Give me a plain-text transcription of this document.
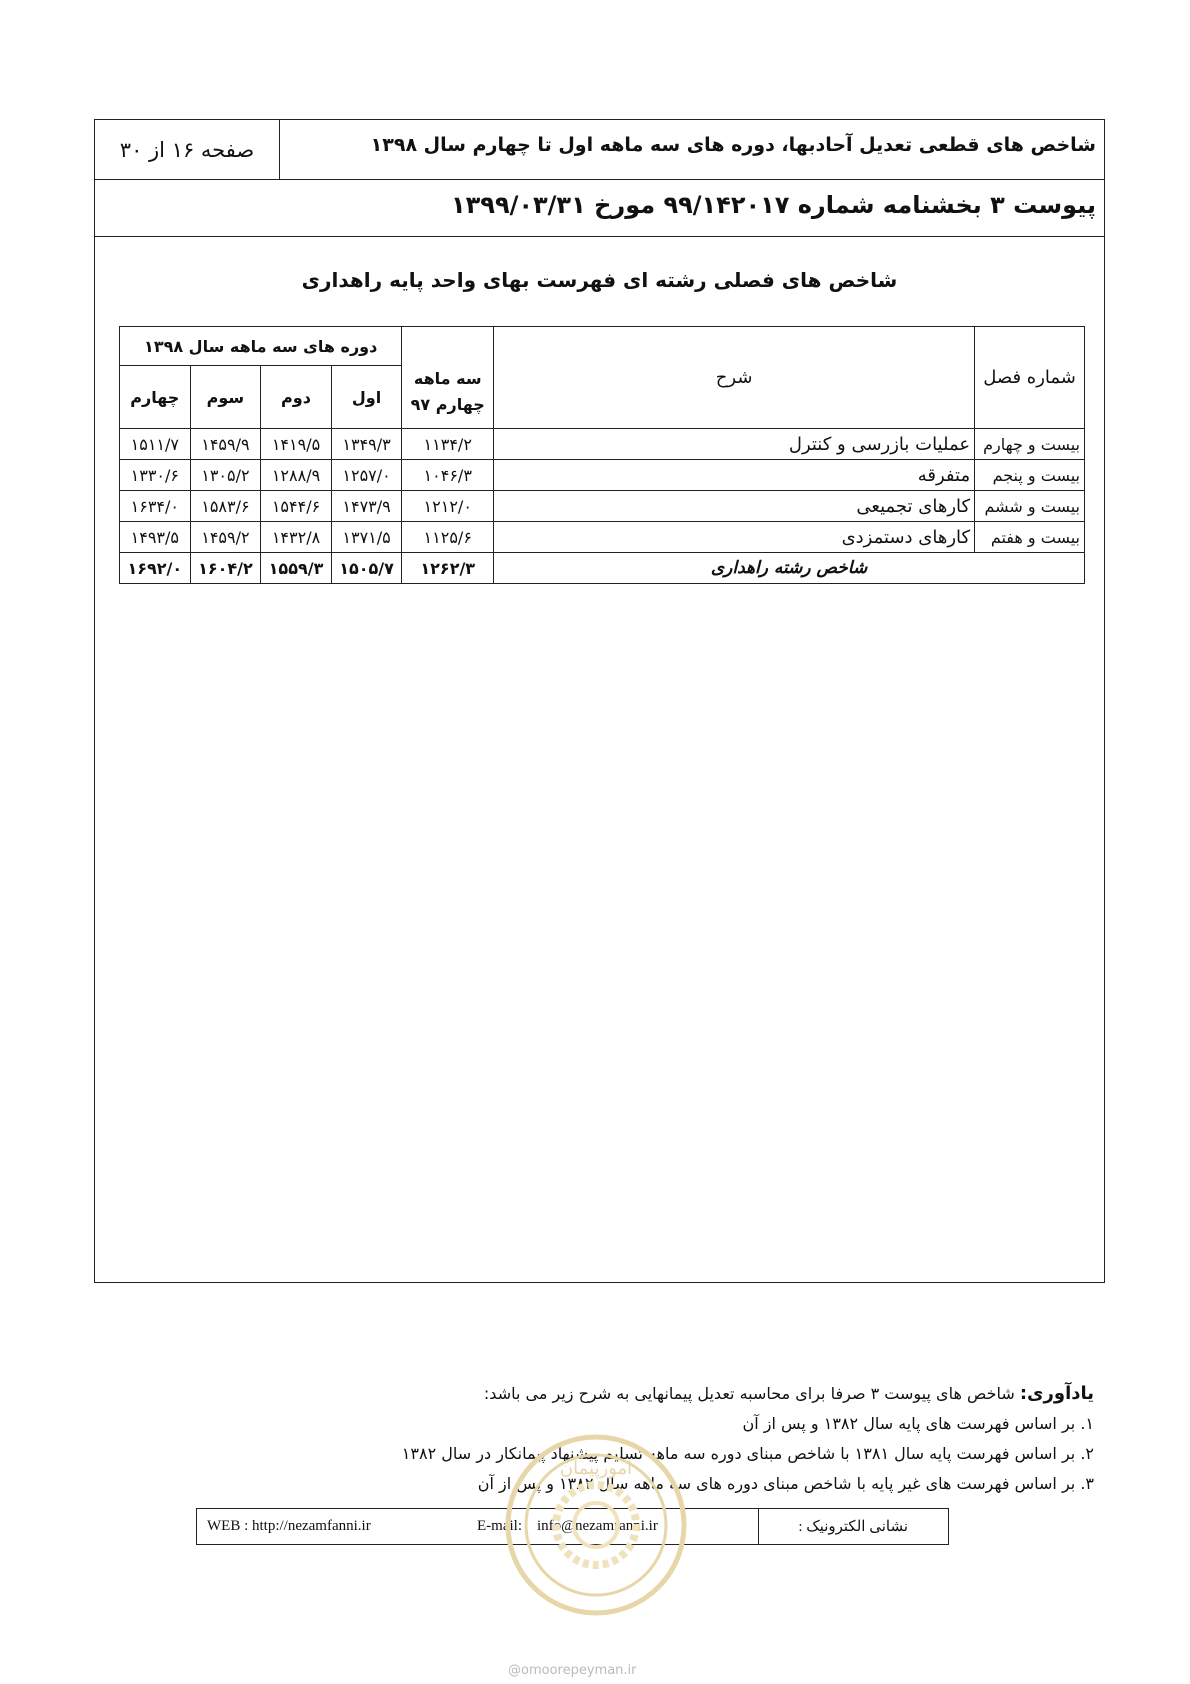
شاخص های قطعی تعدیل آحادبها، دوره های سه ماهه اول تا چهارم سال ۱۳۹۸
صفحه ۱۶ از ۳۰
پیوست ۳ بخشنامه شماره ۹۹/۱۴۲۰۱۷ مورخ ۱۳۹۹/۰۳/۳۱
شاخص های فصلی رشته ای فهرست بهای واحد پایه راهداری
شماره فصل	شرح	سه ماهه چهارم ۹۷	دوره های سه ماهه سال ۱۳۹۸			
			اول	دوم	سوم	چهارم
بیست و چهارم	عملیات بازرسی و کنترل	۱۱۳۴/۲	۱۳۴۹/۳	۱۴۱۹/۵	۱۴۵۹/۹	۱۵۱۱/۷
بیست و پنجم	متفرقه	۱۰۴۶/۳	۱۲۵۷/۰	۱۲۸۸/۹	۱۳۰۵/۲	۱۳۳۰/۶
بیست و ششم	کارهای تجمیعی	۱۲۱۲/۰	۱۴۷۳/۹	۱۵۴۴/۶	۱۵۸۳/۶	۱۶۳۴/۰
بیست و هفتم	کارهای دستمزدی	۱۱۲۵/۶	۱۳۷۱/۵	۱۴۳۲/۸	۱۴۵۹/۲	۱۴۹۳/۵
شاخص رشته راهداری		۱۲۶۲/۳	۱۵۰۵/۷	۱۵۵۹/۳	۱۶۰۴/۲	۱۶۹۲/۰
یادآوری: شاخص های پیوست ۳ صرفا برای محاسبه تعدیل پیمانهایی به شرح زیر می باشد:
۱. بر اساس فهرست های پایه سال ۱۳۸۲ و پس از آن
۲. بر اساس فهرست پایه سال ۱۳۸۱ با شاخص مبنای دوره سه ماهه تسلیم پیشنهاد پیمانکار در سال ۱۳۸۲
۳. بر اساس فهرست های غیر پایه با شاخص مبنای دوره های سه ماهه سال ۱۳۸۲ و پس از آن
نشانی الکترونیک :
E-mail: info@nezamfanni.ir
WEB : http://nezamfanni.ir
امورپیمان
@omoorepeyman.ir
